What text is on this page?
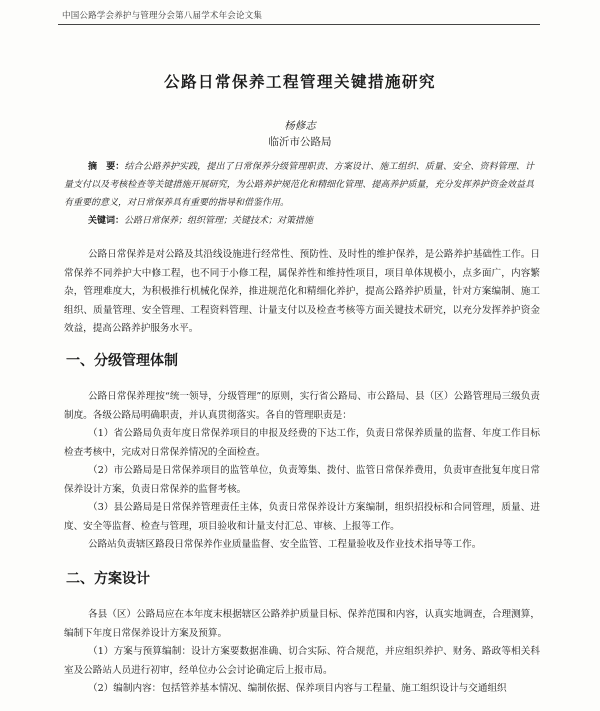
中国公路学会养护与管理分会第八届学术年会论文集
公路日常保养工程管理关键措施研究
杨修志
临沂市公路局
摘　要：结合公路养护实践，提出了日常保养分级管理职责、方案设计、施工组织、质量、安全、资料管理、计量支付以及考核检查等关键措施开展研究，为公路养护规范化和精细化管理、提高养护质量，充分发挥养护资金效益具有重要的意义，对日常保养具有重要的指导和借鉴作用。
关键词：公路日常保养；组织管理；关键技术；对策措施
公路日常保养是对公路及其沿线设施进行经常性、预防性、及时性的维护保养，是公路养护基础性工作。日常保养不同养护大中修工程，也不同于小修工程，属保养性和维持性项目，项目单体规模小，点多面广，内容繁杂，管理难度大，为积极推行机械化保养，推进规范化和精细化养护，提高公路养护质量，针对方案编制、施工组织、质量管理、安全管理、工程资料管理、计量支付以及检查考核等方面关键技术研究，以充分发挥养护资金效益，提高公路养护服务水平。
一、分级管理体制
公路日常保养理按“统一领导，分级管理”的原则，实行省公路局、市公路局、县（区）公路管理局三级负责制度。各级公路局明确职责，并认真贯彻落实。各自的管理职责是：
（1）省公路局负责年度日常保养项目的申报及经费的下达工作，负责日常保养质量的监督、年度工作目标检查考核中，完成对日常保养情况的全面检查。
（2）市公路局是日常保养项目的监管单位，负责筹集、拨付、监管日常保养费用，负责审查批复年度日常保养设计方案，负责日常保养的监督考核。
（3）县公路局是日常保养管理责任主体，负责日常保养设计方案编制，组织招投标和合同管理，质量、进度、安全等监督、检查与管理，项目验收和计量支付汇总、审核、上报等工作。
公路站负责辖区路段日常保养作业质量监督、安全监管、工程量验收及作业技术指导等工作。
二、方案设计
各县（区）公路局应在本年度末根据辖区公路养护质量目标、保养范围和内容，认真实地调查，合理测算，编制下年度日常保养设计方案及预算。
（1）方案与预算编制：设计方案要数据准确、切合实际、符合规范，并应组织养护、财务、路政等相关科室及公路站人员进行初审，经单位办公会讨论确定后上报市局。
（2）编制内容：包括管养基本情况、编制依据、保养项目内容与工程量、施工组织设计与交通组织
